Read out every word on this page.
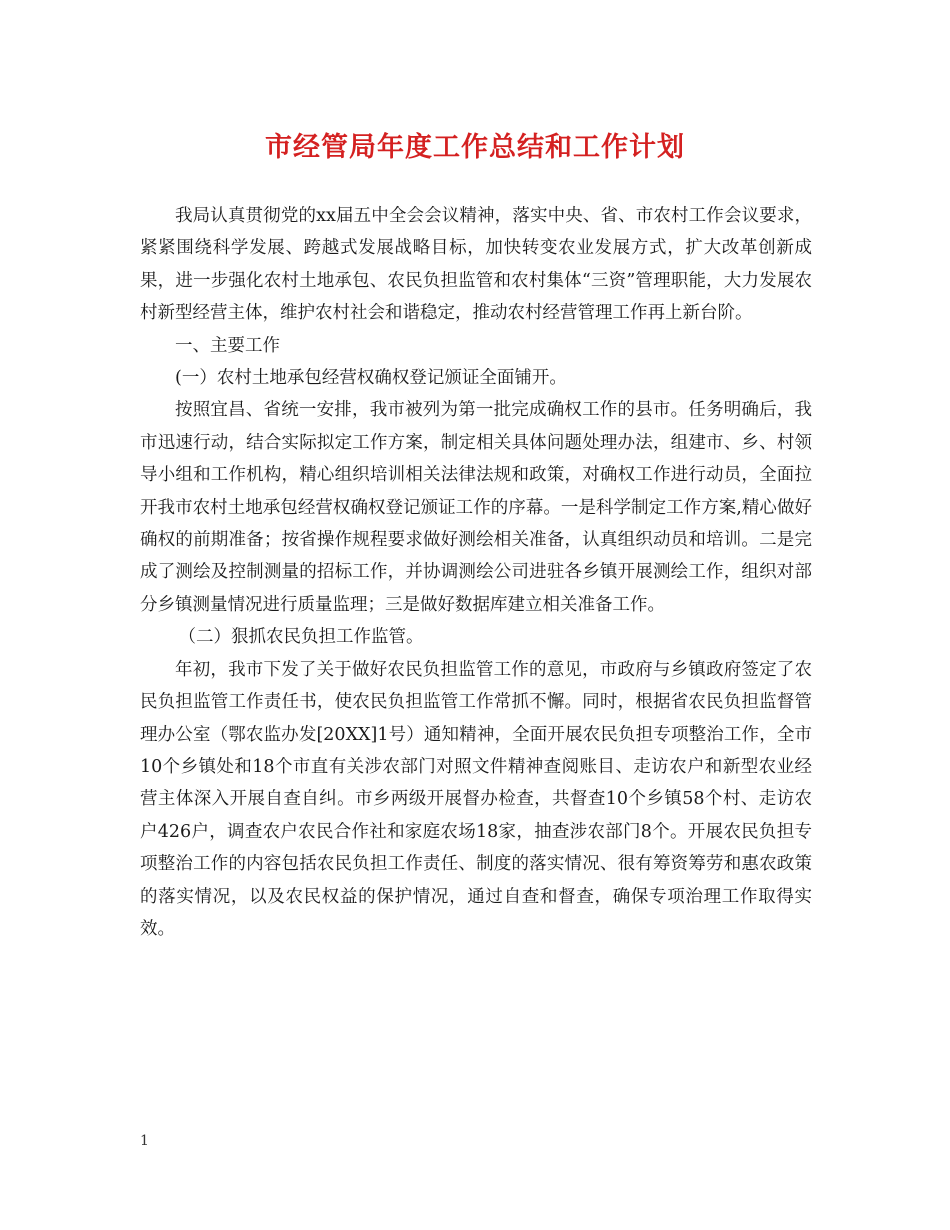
市经管局年度工作总结和工作计划

我局认真贯彻党的xx届五中全会会议精神，落实中央、省、市农村工作会议要求，紧紧围绕科学发展、跨越式发展战略目标，加快转变农业发展方式，扩大改革创新成果，进一步强化农村土地承包、农民负担监管和农村集体“三资”管理职能，大力发展农村新型经营主体，维护农村社会和谐稳定，推动农村经营管理工作再上新台阶。

一、主要工作

(一）农村土地承包经营权确权登记颁证全面铺开。

按照宜昌、省统一安排，我市被列为第一批完成确权工作的县市。任务明确后，我市迅速行动，结合实际拟定工作方案，制定相关具体问题处理办法，组建市、乡、村领导小组和工作机构，精心组织培训相关法律法规和政策，对确权工作进行动员，全面拉开我市农村土地承包经营权确权登记颁证工作的序幕。一是科学制定工作方案,精心做好确权的前期准备；按省操作规程要求做好测绘相关准备，认真组织动员和培训。二是完成了测绘及控制测量的招标工作，并协调测绘公司进驻各乡镇开展测绘工作，组织对部分乡镇测量情况进行质量监理；三是做好数据库建立相关准备工作。

（二）狠抓农民负担工作监管。

年初，我市下发了关于做好农民负担监管工作的意见，市政府与乡镇政府签定了农民负担监管工作责任书，使农民负担监管工作常抓不懈。同时，根据省农民负担监督管理办公室（鄂农监办发[20XX]1号）通知精神，全面开展农民负担专项整治工作，全市10个乡镇处和18个市直有关涉农部门对照文件精神查阅账目、走访农户和新型农业经营主体深入开展自查自纠。市乡两级开展督办检查，共督查10个乡镇58个村、走访农户426户，调查农户农民合作社和家庭农场18家，抽查涉农部门8个。开展农民负担专项整治工作的内容包括农民负担工作责任、制度的落实情况、很有筹资筹劳和惠农政策的落实情况，以及农民权益的保护情况，通过自查和督查，确保专项治理工作取得实效。

1
